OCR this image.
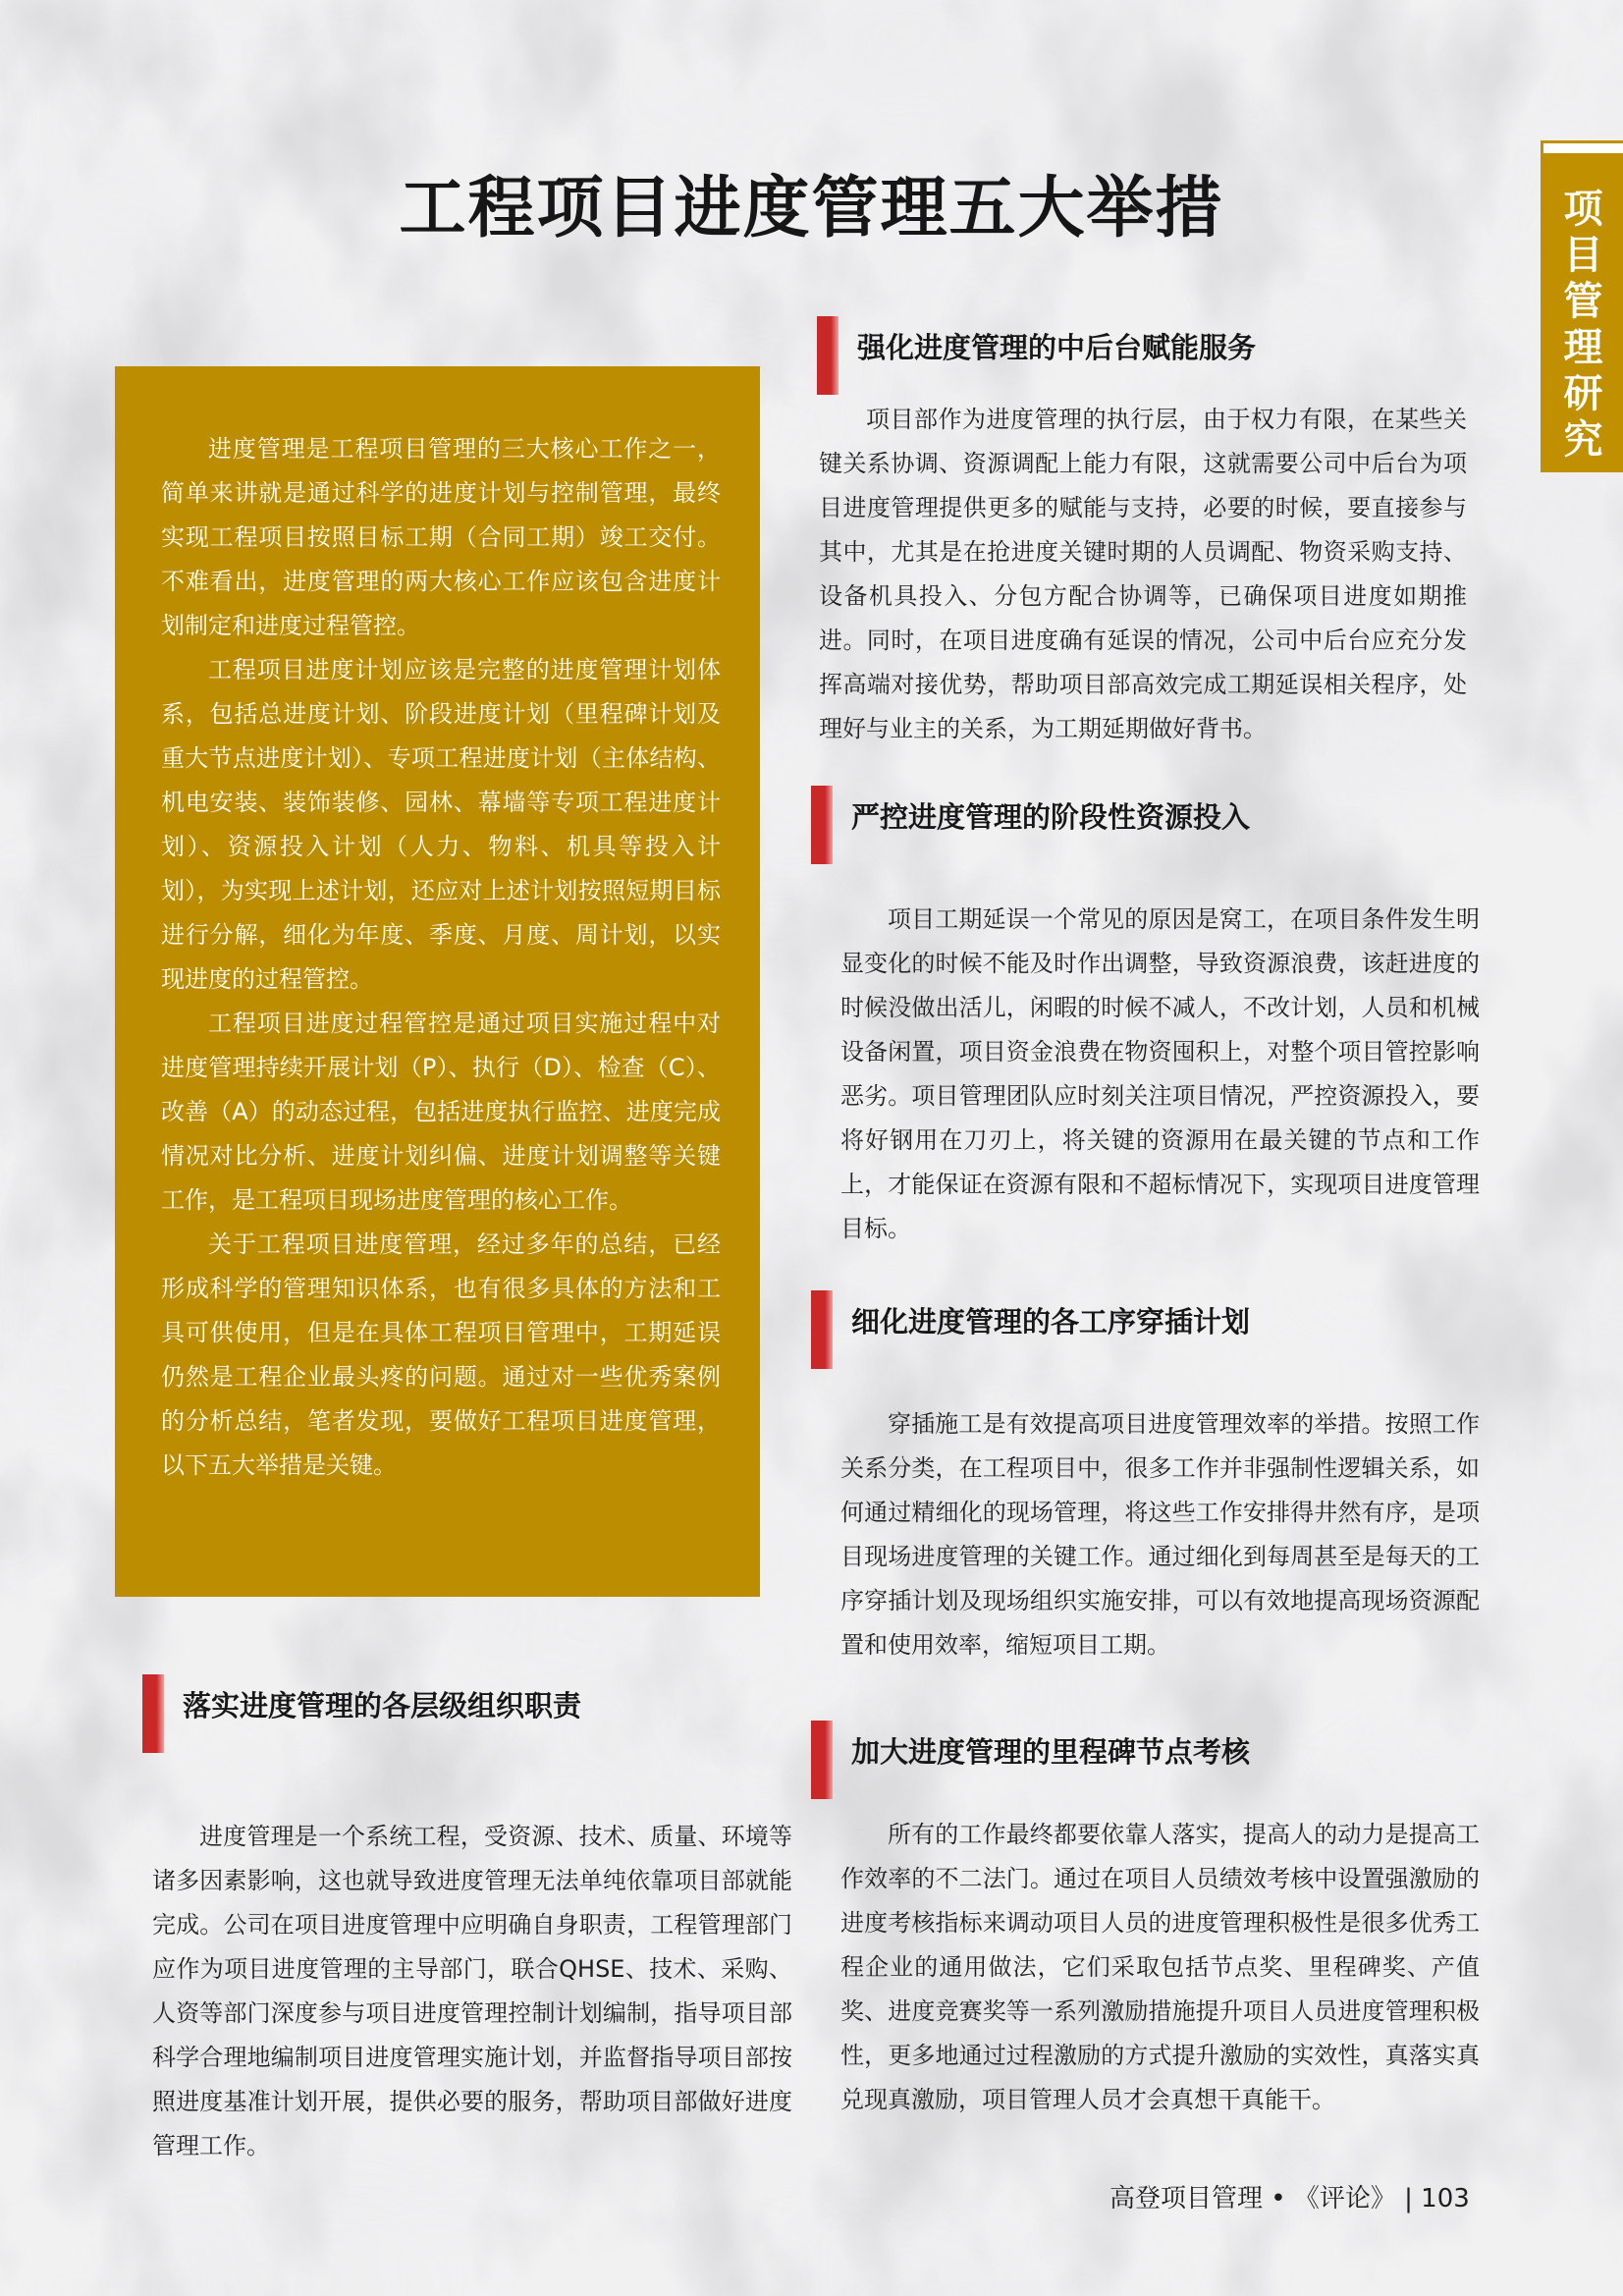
工程项目进度管理五大举措	项
目
管
理
研
究

进度管理是工程项目管理的三大核心工作之一，简单来讲就是通过科学的进度计划与控制管理，最终实现工程项目按照目标工期（合同工期）竣工交付。不难看出，进度管理的两大核心工作应该包含进度计划制定和进度过程管控。

工程项目进度计划应该是完整的进度管理计划体系，包括总进度计划、阶段进度计划（里程碑计划及重大节点进度计划）、专项工程进度计划（主体结构、机电安装、装饰装修、园林、幕墙等专项工程进度计划）、资源投入计划（人力、物料、机具等投入计划），为实现上述计划，还应对上述计划按照短期目标进行分解，细化为年度、季度、月度、周计划，以实现进度的过程管控。

工程项目进度过程管控是通过项目实施过程中对进度管理持续开展计划（P）、执行（D）、检查（C）、改善（A）的动态过程，包括进度执行监控、进度完成情况对比分析、进度计划纠偏、进度计划调整等关键工作，是工程项目现场进度管理的核心工作。

关于工程项目进度管理，经过多年的总结，已经形成科学的管理知识体系，也有很多具体的方法和工具可供使用，但是在具体工程项目管理中，工期延误仍然是工程企业最头疼的问题。通过对一些优秀案例的分析总结，笔者发现，要做好工程项目进度管理，以下五大举措是关键。

落实进度管理的各层级组织职责
进度管理是一个系统工程，受资源、技术、质量、环境等诸多因素影响，这也就导致进度管理无法单纯依靠项目部就能完成。公司在项目进度管理中应明确自身职责，工程管理部门应作为项目进度管理的主导部门，联合QHSE、技术、采购、人资等部门深度参与项目进度管理控制计划编制，指导项目部科学合理地编制项目进度管理实施计划，并监督指导项目部按照进度基准计划开展，提供必要的服务，帮助项目部做好进度管理工作。
强化进度管理的中后台赋能服务
项目部作为进度管理的执行层，由于权力有限，在某些关键关系协调、资源调配上能力有限，这就需要公司中后台为项目进度管理提供更多的赋能与支持，必要的时候，要直接参与其中，尤其是在抢进度关键时期的人员调配、物资采购支持、设备机具投入、分包方配合协调等，已确保项目进度如期推进。同时，在项目进度确有延误的情况，公司中后台应充分发挥高端对接优势，帮助项目部高效完成工期延误相关程序，处理好与业主的关系，为工期延期做好背书。
严控进度管理的阶段性资源投入
项目工期延误一个常见的原因是窝工，在项目条件发生明显变化的时候不能及时作出调整，导致资源浪费，该赶进度的时候没做出活儿，闲暇的时候不减人，不改计划，人员和机械设备闲置，项目资金浪费在物资囤积上，对整个项目管控影响恶劣。项目管理团队应时刻关注项目情况，严控资源投入，要将好钢用在刀刃上，将关键的资源用在最关键的节点和工作上，才能保证在资源有限和不超标情况下，实现项目进度管理目标。
细化进度管理的各工序穿插计划
穿插施工是有效提高项目进度管理效率的举措。按照工作关系分类，在工程项目中，很多工作并非强制性逻辑关系，如何通过精细化的现场管理，将这些工作安排得井然有序，是项目现场进度管理的关键工作。通过细化到每周甚至是每天的工序穿插计划及现场组织实施安排，可以有效地提高现场资源配置和使用效率，缩短项目工期。
加大进度管理的里程碑节点考核
所有的工作最终都要依靠人落实，提高人的动力是提高工作效率的不二法门。通过在项目人员绩效考核中设置强激励的进度考核指标来调动项目人员的进度管理积极性是很多优秀工程企业的通用做法，它们采取包括节点奖、里程碑奖、产值奖、进度竞赛奖等一系列激励措施提升项目人员进度管理积极性，更多地通过过程激励的方式提升激励的实效性，真落实真兑现真激励，项目管理人员才会真想干真能干。
高登项目管理 • 《评论》 | 103
